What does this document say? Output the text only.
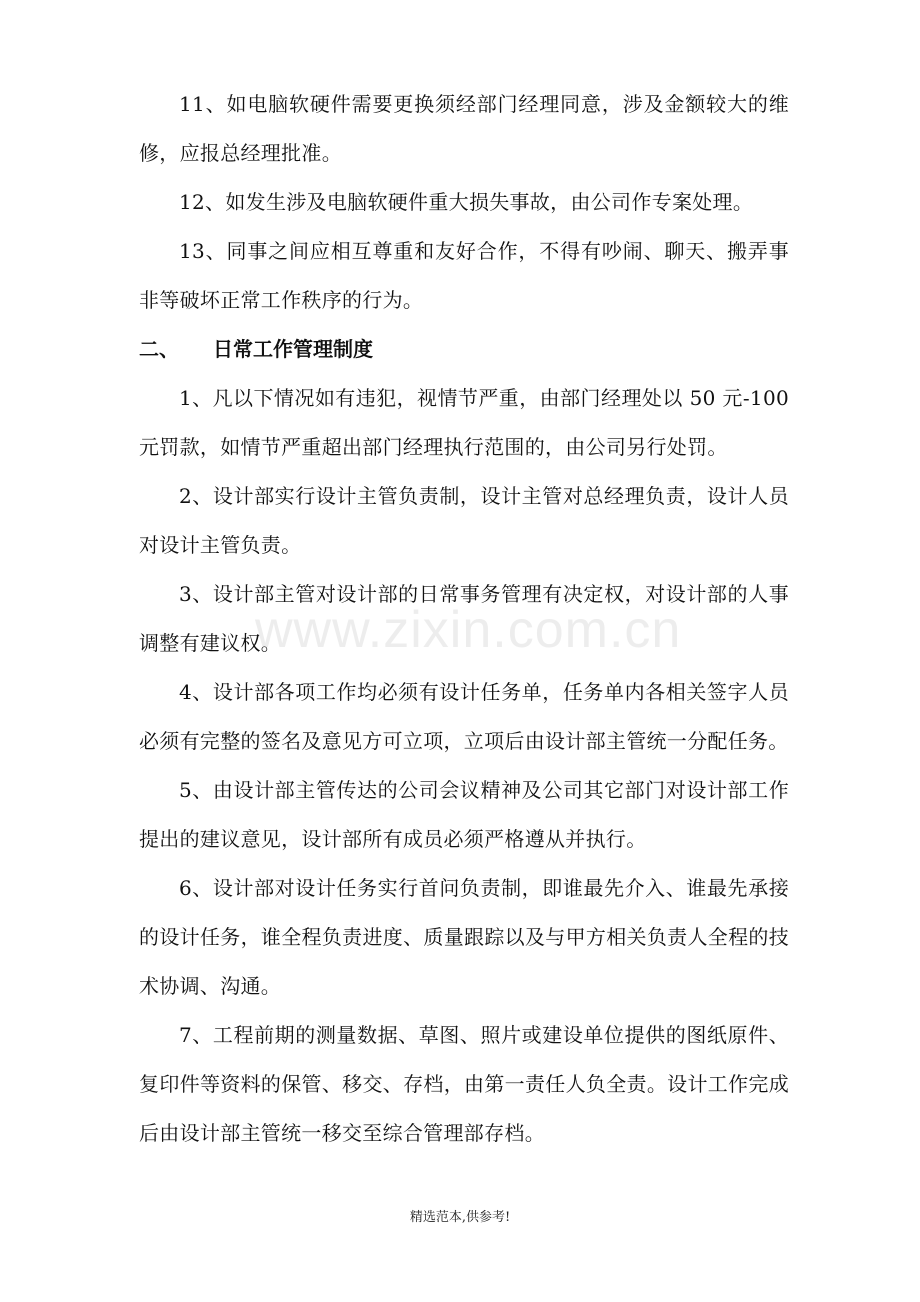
11、如电脑软硬件需要更换须经部门经理同意，涉及金额较大的维修，应报总经理批准。

12、如发生涉及电脑软硬件重大损失事故，由公司作专案处理。

13、同事之间应相互尊重和友好合作，不得有吵闹、聊天、搬弄事非等破坏正常工作秩序的行为。

二、 日常工作管理制度

1、凡以下情况如有违犯，视情节严重，由部门经理处以 50 元-100 元罚款，如情节严重超出部门经理执行范围的，由公司另行处罚。

2、设计部实行设计主管负责制，设计主管对总经理负责，设计人员对设计主管负责。

3、设计部主管对设计部的日常事务管理有决定权，对设计部的人事调整有建议权。

4、设计部各项工作均必须有设计任务单，任务单内各相关签字人员必须有完整的签名及意见方可立项，立项后由设计部主管统一分配任务。

5、由设计部主管传达的公司会议精神及公司其它部门对设计部工作提出的建议意见，设计部所有成员必须严格遵从并执行。

6、设计部对设计任务实行首问负责制，即谁最先介入、谁最先承接的设计任务，谁全程负责进度、质量跟踪以及与甲方相关负责人全程的技术协调、沟通。

7、工程前期的测量数据、草图、照片或建设单位提供的图纸原件、复印件等资料的保管、移交、存档，由第一责任人负全责。设计工作完成后由设计部主管统一移交至综合管理部存档。

www.zixin.com.cn
精选范本,供参考!
